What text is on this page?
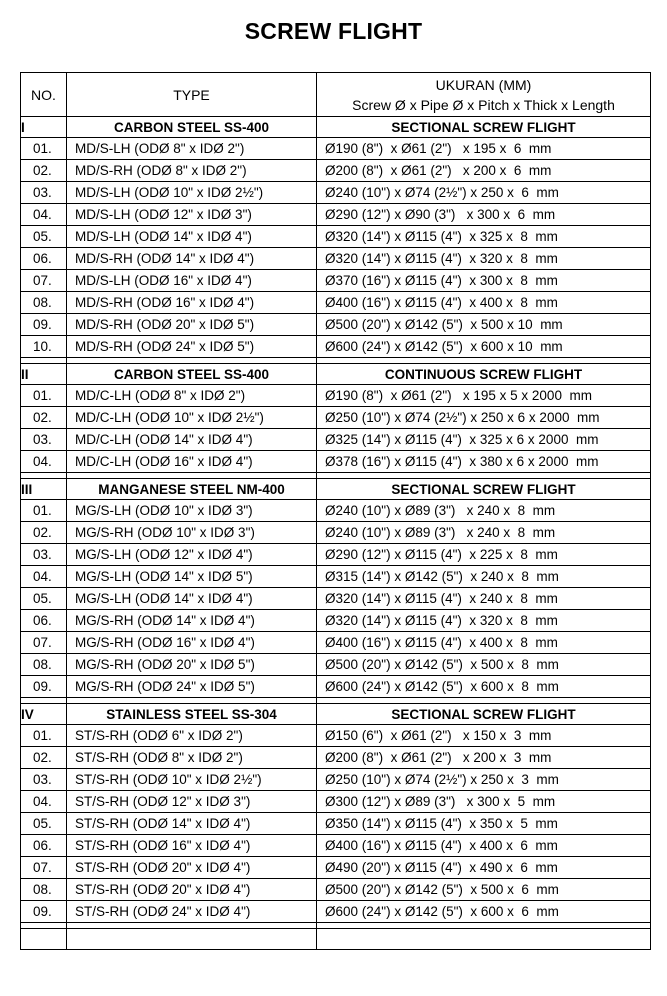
SCREW FLIGHT
NO.	TYPE	UKURAN (MM)
Screw Ø x Pipe Ø x Pitch x Thick x Length

I	CARBON STEEL SS-400	SECTIONAL SCREW FLIGHT
01.	MD/S-LH (ODØ 8" x IDØ 2")	Ø190 (8")  x Ø61 (2")   x 195 x  6  mm
02.	MD/S-RH (ODØ 8" x IDØ 2")	Ø200 (8")  x Ø61 (2")   x 200 x  6  mm
03.	MD/S-LH (ODØ 10" x IDØ 2½")	Ø240 (10") x Ø74 (2½") x 250 x  6  mm
04.	MD/S-LH (ODØ 12" x IDØ 3")	Ø290 (12") x Ø90 (3")   x 300 x  6  mm
05.	MD/S-LH (ODØ 14" x IDØ 4")	Ø320 (14") x Ø115 (4")  x 325 x  8  mm
06.	MD/S-RH (ODØ 14" x IDØ 4")	Ø320 (14") x Ø115 (4")  x 320 x  8  mm
07.	MD/S-LH (ODØ 16" x IDØ 4")	Ø370 (16") x Ø115 (4")  x 300 x  8  mm
08.	MD/S-RH (ODØ 16" x IDØ 4")	Ø400 (16") x Ø115 (4")  x 400 x  8  mm
09.	MD/S-RH (ODØ 20" x IDØ 5")	Ø500 (20") x Ø142 (5")  x 500 x 10  mm
10.	MD/S-RH (ODØ 24" x IDØ 5")	Ø600 (24") x Ø142 (5")  x 600 x 10  mm

II	CARBON STEEL SS-400	CONTINUOUS SCREW FLIGHT
01.	MD/C-LH (ODØ 8" x IDØ 2")	Ø190 (8")  x Ø61 (2")   x 195 x 5 x 2000  mm
02.	MD/C-LH (ODØ 10" x IDØ 2½")	Ø250 (10") x Ø74 (2½") x 250 x 6 x 2000  mm
03.	MD/C-LH (ODØ 14" x IDØ 4")	Ø325 (14") x Ø115 (4")  x 325 x 6 x 2000  mm
04.	MD/C-LH (ODØ 16" x IDØ 4")	Ø378 (16") x Ø115 (4")  x 380 x 6 x 2000  mm

III	MANGANESE STEEL NM-400	SECTIONAL SCREW FLIGHT
01.	MG/S-LH (ODØ 10" x IDØ 3")	Ø240 (10") x Ø89 (3")   x 240 x  8  mm
02.	MG/S-RH (ODØ 10" x IDØ 3")	Ø240 (10") x Ø89 (3")   x 240 x  8  mm
03.	MG/S-LH (ODØ 12" x IDØ 4")	Ø290 (12") x Ø115 (4")  x 225 x  8  mm
04.	MG/S-LH (ODØ 14" x IDØ 5")	Ø315 (14") x Ø142 (5")  x 240 x  8  mm
05.	MG/S-LH (ODØ 14" x IDØ 4")	Ø320 (14") x Ø115 (4")  x 240 x  8  mm
06.	MG/S-RH (ODØ 14" x IDØ 4")	Ø320 (14") x Ø115 (4")  x 320 x  8  mm
07.	MG/S-RH (ODØ 16" x IDØ 4")	Ø400 (16") x Ø115 (4")  x 400 x  8  mm
08.	MG/S-RH (ODØ 20" x IDØ 5")	Ø500 (20") x Ø142 (5")  x 500 x  8  mm
09.	MG/S-RH (ODØ 24" x IDØ 5")	Ø600 (24") x Ø142 (5")  x 600 x  8  mm

IV	STAINLESS STEEL SS-304	SECTIONAL SCREW FLIGHT
01.	ST/S-RH (ODØ 6" x IDØ 2")	Ø150 (6")  x Ø61 (2")   x 150 x  3  mm
02.	ST/S-RH (ODØ 8" x IDØ 2")	Ø200 (8")  x Ø61 (2")   x 200 x  3  mm
03.	ST/S-RH (ODØ 10" x IDØ 2½")	Ø250 (10") x Ø74 (2½") x 250 x  3  mm
04.	ST/S-RH (ODØ 12" x IDØ 3")	Ø300 (12") x Ø89 (3")   x 300 x  5  mm
05.	ST/S-RH (ODØ 14" x IDØ 4")	Ø350 (14") x Ø115 (4")  x 350 x  5  mm
06.	ST/S-RH (ODØ 16" x IDØ 4")	Ø400 (16") x Ø115 (4")  x 400 x  6  mm
07.	ST/S-RH (ODØ 20" x IDØ 4")	Ø490 (20") x Ø115 (4")  x 490 x  6  mm
08.	ST/S-RH (ODØ 20" x IDØ 4")	Ø500 (20") x Ø142 (5")  x 500 x  6  mm
09.	ST/S-RH (ODØ 24" x IDØ 4")	Ø600 (24") x Ø142 (5")  x 600 x  6  mm
